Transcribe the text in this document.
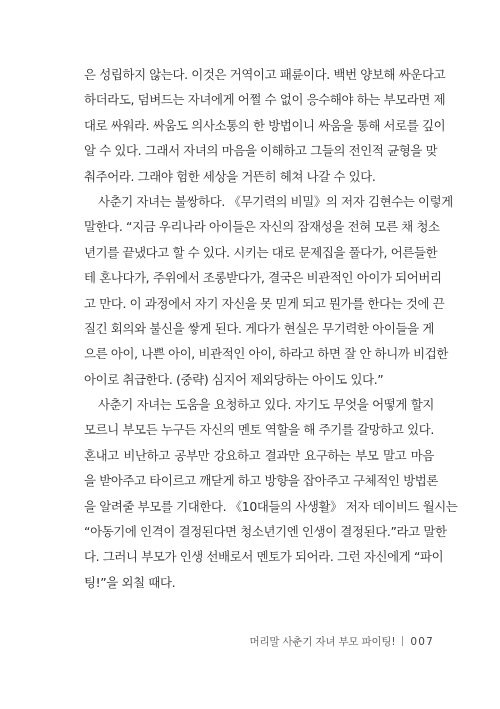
은 성립하지 않는다. 이것은 거역이고 패륜이다. 백번 양보해 싸운다고
하더라도, 덤벼드는 자녀에게 어쩔 수 없이 응수해야 하는 부모라면 제
대로 싸워라. 싸움도 의사소통의 한 방법이니 싸움을 통해 서로를 깊이
알 수 있다. 그래서 자녀의 마음을 이해하고 그들의 전인적 균형을 맞
춰주어라. 그래야 험한 세상을 거뜬히 헤쳐 나갈 수 있다.
사춘기 자녀는 불쌍하다. 《무기력의 비밀》의 저자 김현수는 이렇게
말한다. “지금 우리나라 아이들은 자신의 잠재성을 전혀 모른 채 청소
년기를 끝냈다고 할 수 있다. 시키는 대로 문제집을 풀다가, 어른들한
테 혼나다가, 주위에서 조롱받다가, 결국은 비관적인 아이가 되어버리
고 만다. 이 과정에서 자기 자신을 못 믿게 되고 뭔가를 한다는 것에 끈
질긴 회의와 불신을 쌓게 된다. 게다가 현실은 무기력한 아이들을 게
으른 아이, 나쁜 아이, 비관적인 아이, 하라고 하면 잘 안 하니까 비겁한
아이로 취급한다. (중략) 심지어 제외당하는 아이도 있다.”
사춘기 자녀는 도움을 요청하고 있다. 자기도 무엇을 어떻게 할지
모르니 부모든 누구든 자신의 멘토 역할을 해 주기를 갈망하고 있다.
혼내고 비난하고 공부만 강요하고 결과만 요구하는 부모 말고 마음
을 받아주고 타이르고 깨닫게 하고 방향을 잡아주고 구체적인 방법론
을 알려줄 부모를 기대한다. 《10대들의 사생활》 저자 데이비드 월시는
“아동기에 인격이 결정된다면 청소년기엔 인생이 결정된다.”라고 말한
다. 그러니 부모가 인생 선배로서 멘토가 되어라. 그런 자신에게 “파이
팅!”을 외칠 때다.
머리말 사춘기 자녀 부모 파이팅! 007
